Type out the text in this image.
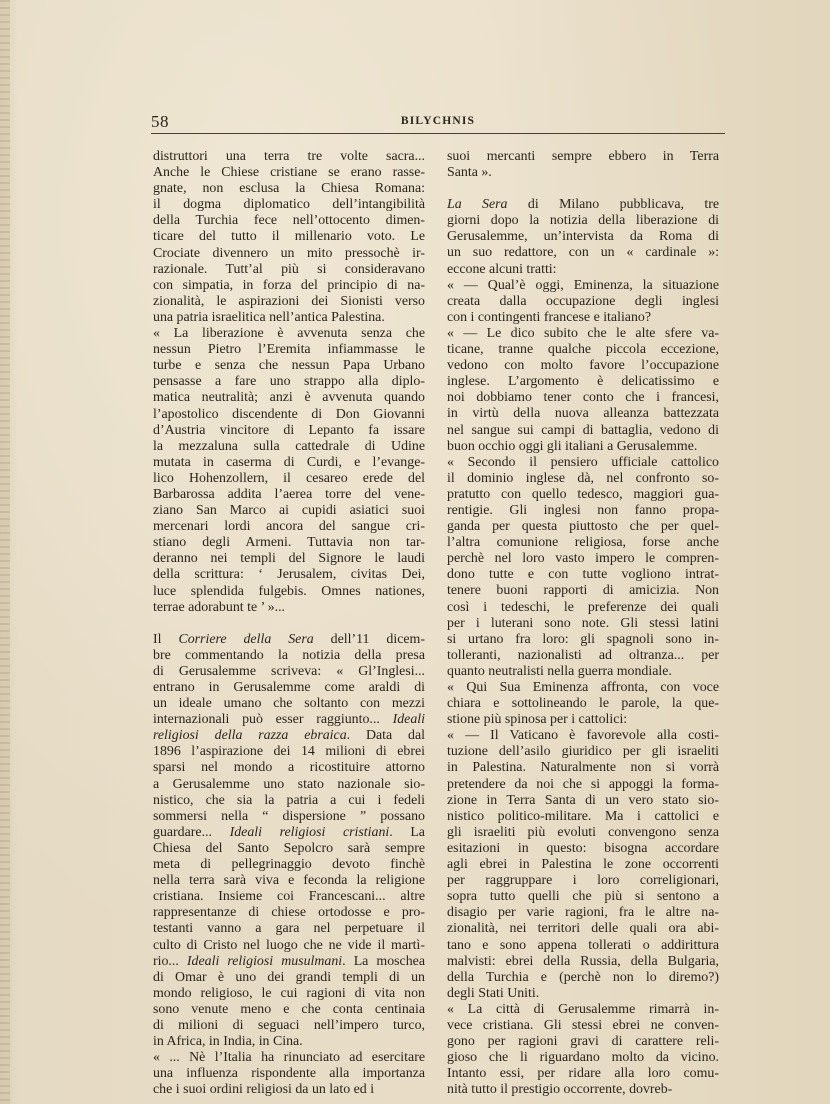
58	BILYCHNIS
distruttori una terra tre volte sacra...
Anche le Chiese cristiane se erano rasse-
gnate, non esclusa la Chiesa Romana:
il dogma diplomatico dell’intangibilità
della Turchia fece nell’ottocento dimen-
ticare del tutto il millenario voto. Le
Crociate divennero un mito pressochè ir-
razionale. Tutt’al più si consideravano
con simpatia, in forza del principio di na-
zionalità, le aspirazioni dei Sionisti verso
una patria israelitica nell’antica Palestina.
« La liberazione è avvenuta senza che
nessun Pietro l’Eremita infiammasse le
turbe e senza che nessun Papa Urbano
pensasse a fare uno strappo alla diplo-
matica neutralità; anzi è avvenuta quando
l’apostolico discendente di Don Giovanni
d’Austria vincitore di Lepanto fa issare
la mezzaluna sulla cattedrale di Udine
mutata in caserma di Curdi, e l’evange-
lico Hohenzollern, il cesareo erede del
Barbarossa addita l’aerea torre del vene-
ziano San Marco ai cupidi asiatici suoi
mercenari lordi ancora del sangue cri-
stiano degli Armeni. Tuttavia non tar-
deranno nei templi del Signore le laudi
della scrittura: ‘ Jerusalem, civitas Dei,
luce splendida fulgebis. Omnes nationes,
terrae adorabunt te ’ »...
Il Corriere della Sera dell’11 dicem-
bre commentando la notizia della presa
di Gerusalemme scriveva: « Gl’Inglesi...
entrano in Gerusalemme come araldi di
un ideale umano che soltanto con mezzi
internazionali può esser raggiunto... Ideali
religiosi della razza ebraica. Data dal
1896 l’aspirazione dei 14 milioni di ebrei
sparsi nel mondo a ricostituire attorno
a Gerusalemme uno stato nazionale sio-
nistico, che sia la patria a cui i fedeli
sommersi nella “ dispersione ” possano
guardare... Ideali religiosi cristiani. La
Chiesa del Santo Sepolcro sarà sempre
meta di pellegrinaggio devoto finchè
nella terra sarà viva e feconda la religione
cristiana. Insieme coi Francescani... altre
rappresentanze di chiese ortodosse e pro-
testanti vanno a gara nel perpetuare il
culto di Cristo nel luogo che ne vide il martì-
rio... Ideali religiosi musulmani. La moschea
di Omar è uno dei grandi templi di un
mondo religioso, le cui ragioni di vita non
sono venute meno e che conta centinaia
di milioni di seguaci nell’impero turco,
in Africa, in India, in Cina.
« ... Nè l’Italia ha rinunciato ad esercitare
una influenza rispondente alla importanza
che i suoi ordini religiosi da un lato ed i
suoi mercanti sempre ebbero in Terra
Santa ».
La Sera di Milano pubblicava, tre
giorni dopo la notizia della liberazione di
Gerusalemme, un’intervista da Roma di
un suo redattore, con un « cardinale »:
eccone alcuni tratti:
« — Qual’è oggi, Eminenza, la situazione
creata dalla occupazione degli inglesi
con i contingenti francese e italiano?
« — Le dico subito che le alte sfere va-
ticane, tranne qualche piccola eccezione,
vedono con molto favore l’occupazione
inglese. L’argomento è delicatissimo e
noi dobbiamo tener conto che i francesi,
in virtù della nuova alleanza battezzata
nel sangue sui campi di battaglia, vedono di
buon occhio oggi gli italiani a Gerusalemme.
« Secondo il pensiero ufficiale cattolico
il dominio inglese dà, nel confronto so-
pratutto con quello tedesco, maggiori gua-
rentigie. Gli inglesi non fanno propa-
ganda per questa piuttosto che per quel-
l’altra comunione religiosa, forse anche
perchè nel loro vasto impero le compren-
dono tutte e con tutte vogliono intrat-
tenere buoni rapporti di amicizia. Non
così i tedeschi, le preferenze dei quali
per i luterani sono note. Gli stessi latini
si urtano fra loro: gli spagnoli sono in-
tolleranti, nazionalisti ad oltranza... per
quanto neutralisti nella guerra mondiale.
« Qui Sua Eminenza affronta, con voce
chiara e sottolineando le parole, la que-
stione più spinosa per i cattolici:
« — Il Vaticano è favorevole alla costi-
tuzione dell’asilo giuridico per gli israeliti
in Palestina. Naturalmente non si vorrà
pretendere da noi che si appoggi la forma-
zione in Terra Santa di un vero stato sio-
nistico politico-militare. Ma i cattolici e
gli israeliti più evoluti convengono senza
esitazioni in questo: bisogna accordare
agli ebrei in Palestina le zone occorrenti
per raggruppare i loro correligionari,
sopra tutto quelli che più si sentono a
disagio per varie ragioni, fra le altre na-
zionalità, nei territori delle quali ora abi-
tano e sono appena tollerati o addirittura
malvisti: ebrei della Russia, della Bulgaria,
della Turchia e (perchè non lo diremo?)
degli Stati Uniti.
« La città di Gerusalemme rimarrà in-
vece cristiana. Gli stessi ebrei ne conven-
gono per ragioni gravi di carattere reli-
gioso che li riguardano molto da vicino.
Intanto essi, per ridare alla loro comu-
nità tutto il prestigio occorrente, dovreb-
